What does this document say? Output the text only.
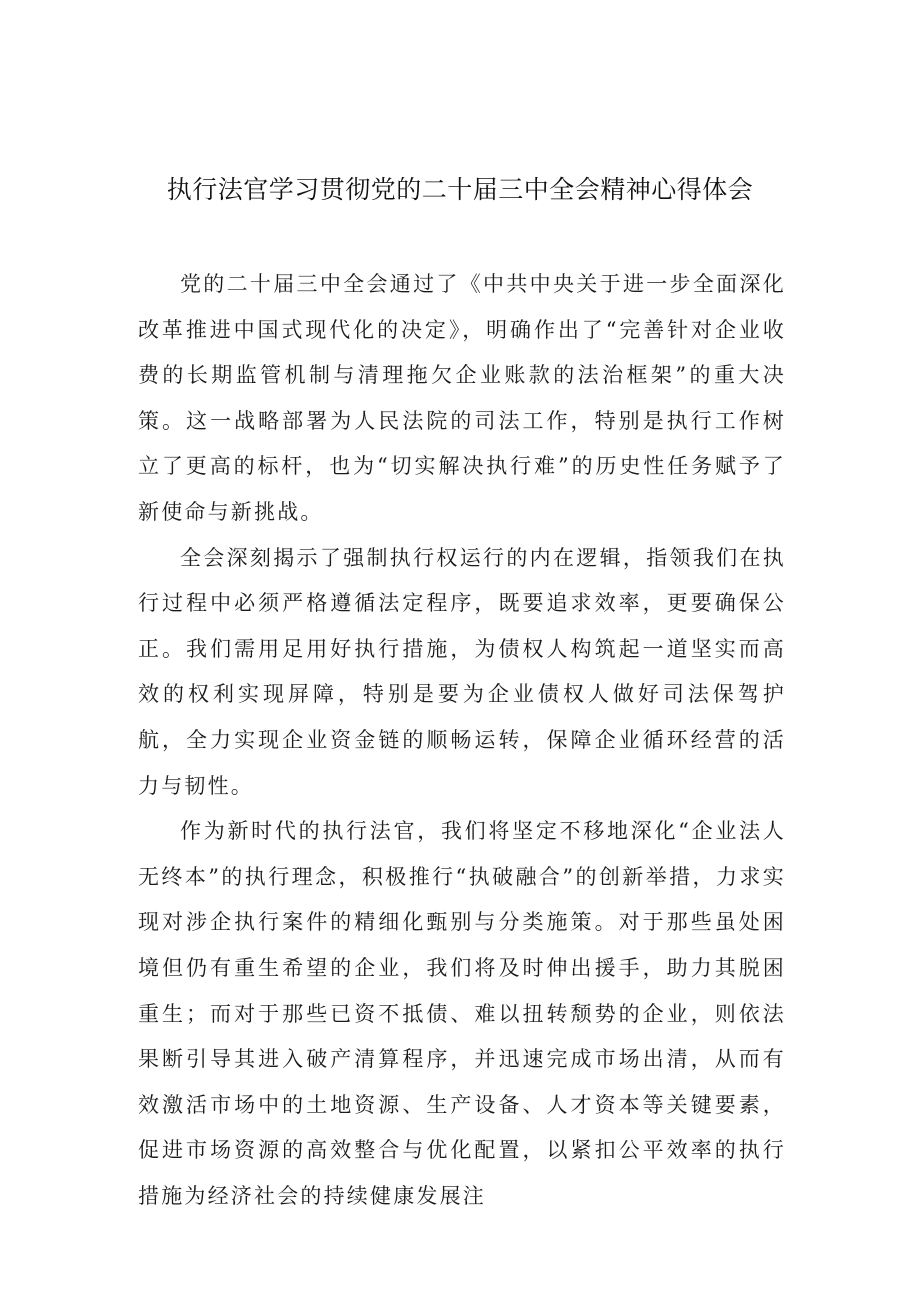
执行法官学习贯彻党的二十届三中全会精神心得体会

党的二十届三中全会通过了《中共中央关于进一步全面深化改革推进中国式现代化的决定》，明确作出了“完善针对企业收费的长期监管机制与清理拖欠企业账款的法治框架”的重大决策。这一战略部署为人民法院的司法工作，特别是执行工作树立了更高的标杆，也为“切实解决执行难”的历史性任务赋予了新使命与新挑战。

全会深刻揭示了强制执行权运行的内在逻辑，指领我们在执行过程中必须严格遵循法定程序，既要追求效率，更要确保公正。我们需用足用好执行措施，为债权人构筑起一道坚实而高效的权利实现屏障，特别是要为企业债权人做好司法保驾护航，全力实现企业资金链的顺畅运转，保障企业循环经营的活力与韧性。

作为新时代的执行法官，我们将坚定不移地深化“企业法人无终本”的执行理念，积极推行“执破融合”的创新举措，力求实现对涉企执行案件的精细化甄别与分类施策。对于那些虽处困境但仍有重生希望的企业，我们将及时伸出援手，助力其脱困重生；而对于那些已资不抵债、难以扭转颓势的企业，则依法果断引导其进入破产清算程序，并迅速完成市场出清，从而有效激活市场中的土地资源、生产设备、人才资本等关键要素，促进市场资源的高效整合与优化配置，以紧扣公平效率的执行措施为经济社会的持续健康发展注
